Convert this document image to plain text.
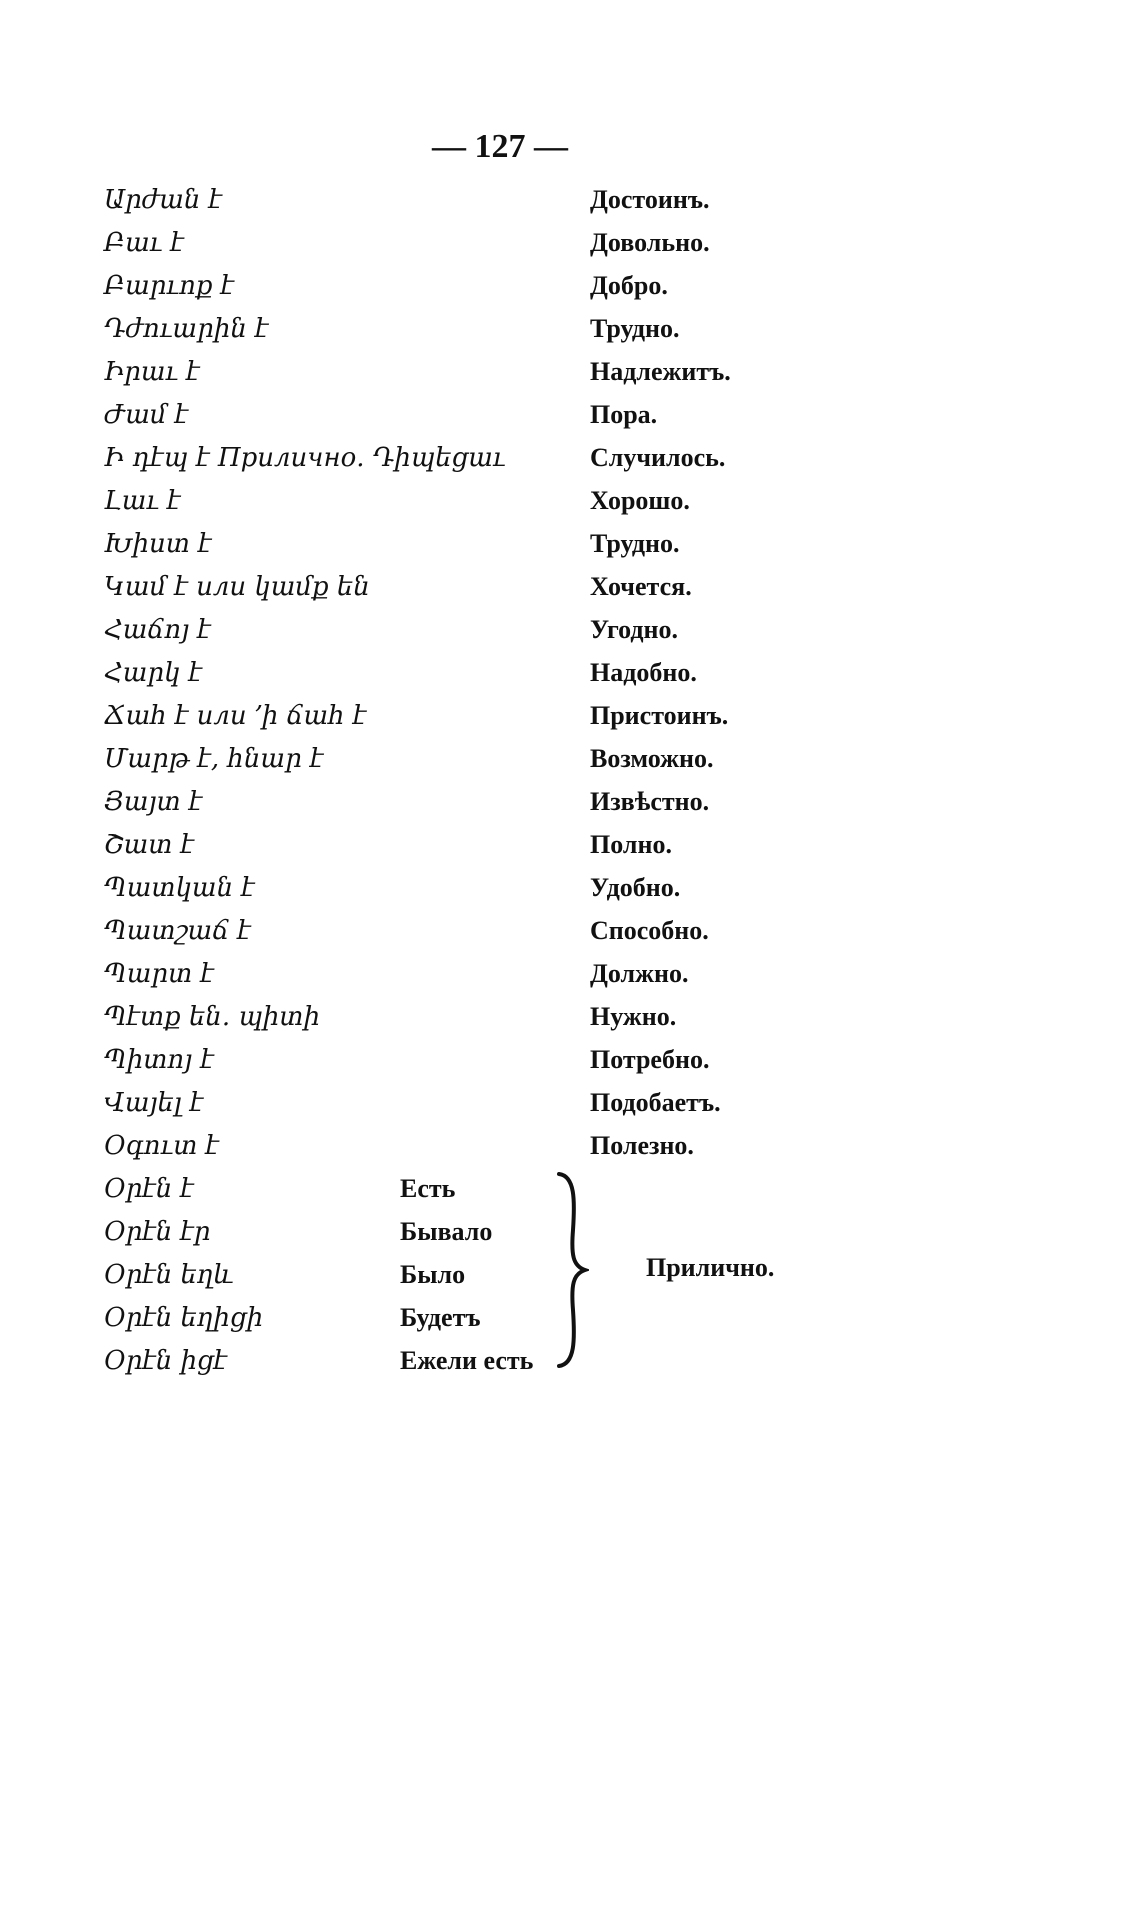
— 127 —
Արժան է	Достоинъ.
Բաւ է	Довольно.
Բարւոք է	Добро.
Դժուարին է	Трудно.
Իրաւ է	Надлежитъ.
Ժամ է	Пора.
Ի դէպ է Прилично. Դիպեցաւ	Случилось.
Լաւ է	Хорошо.
Խիստ է	Трудно.
Կամ է или կամք են	Хочется.
Հաճոյ է	Угодно.
Հարկ է	Надобно.
Ճահ է или ՚ի ճահ է	Пристоинъ.
Մարթ է, հնար է	Возможно.
Յայտ է	Извѣстно.
Շատ է	Полно.
Պատկան է	Удобно.
Պատշաճ է	Способно.
Պարտ է	Должно.
Պէտք են. պիտի	Нужно.
Պիտոյ է	Потребно.
Վայել է	Подобаетъ.
Օգուտ է	Полезно.
Օրէն է	Есть
Օրէն էր	Бывало
Օրէն եղև	Было
Օրէն եղիցի	Будетъ
Օրէն իցէ	Ежели есть
Прилично.
